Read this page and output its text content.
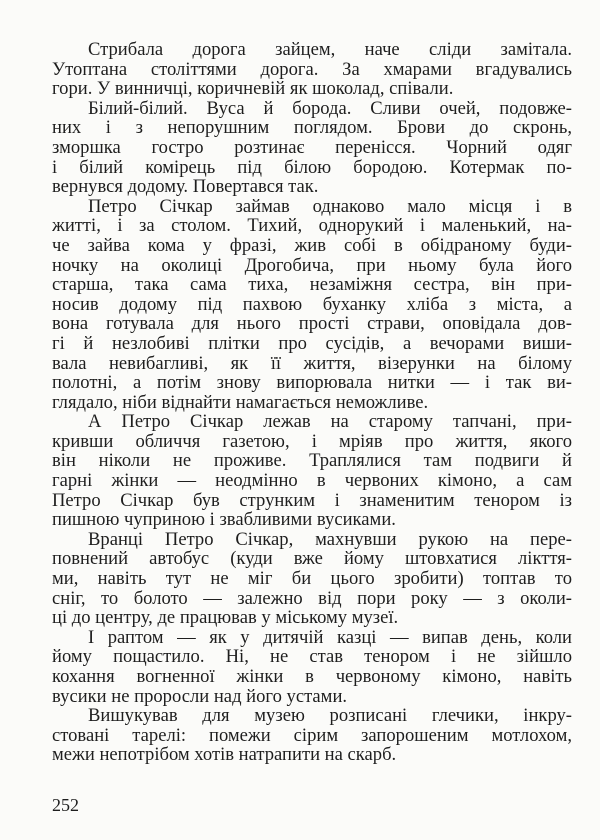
Стрибала дорога зайцем, наче сліди замітала.
Утоптана століттями дорога. За хмарами вгадувались
гори. У винничці, коричневій як шоколад, співали.
Білий-білий. Вуса й борода. Сливи очей, подовже-
них і з непорушним поглядом. Брови до скронь,
зморшка гостро розтинає перенісся. Чорний одяг
і білий комірець під білою бородою. Котермак по-
вернувся додому. Повертався так.
Петро Січкар займав однаково мало місця і в
житті, і за столом. Тихий, однорукий і маленький, на-
че зайва кома у фразі, жив собі в обідраному буди-
ночку на околиці Дрогобича, при ньому була його
старша, така сама тиха, незаміжня сестра, він при-
носив додому під пахвою буханку хліба з міста, а
вона готувала для нього прості страви, оповідала дов-
гі й незлобиві плітки про сусідів, а вечорами виши-
вала невибагливі, як її життя, візерунки на білому
полотні, а потім знову випорювала нитки — і так ви-
глядало, ніби віднайти намагається неможливе.
А Петро Січкар лежав на старому тапчані, при-
кривши обличчя газетою, і мріяв про життя, якого
він ніколи не проживе. Траплялися там подвиги й
гарні жінки — неодмінно в червоних кімоно, а сам
Петро Січкар був струнким і знаменитим тенором із
пишною чуприною і звабливими вусиками.
Вранці Петро Січкар, махнувши рукою на пере-
повнений автобус (куди вже йому штовхатися лікття-
ми, навіть тут не міг би цього зробити) топтав то
сніг, то болото — залежно від пори року — з околи-
ці до центру, де працював у міському музеї.
І раптом — як у дитячій казці — випав день, коли
йому пощастило. Ні, не став тенором і не зійшло
кохання вогненної жінки в червоному кімоно, навіть
вусики не проросли над його устами.
Вишукував для музею розписані глечики, інкру-
стовані тарелі: помежи сірим запорошеним мотлохом,
межи непотрібом хотів натрапити на скарб.
252
